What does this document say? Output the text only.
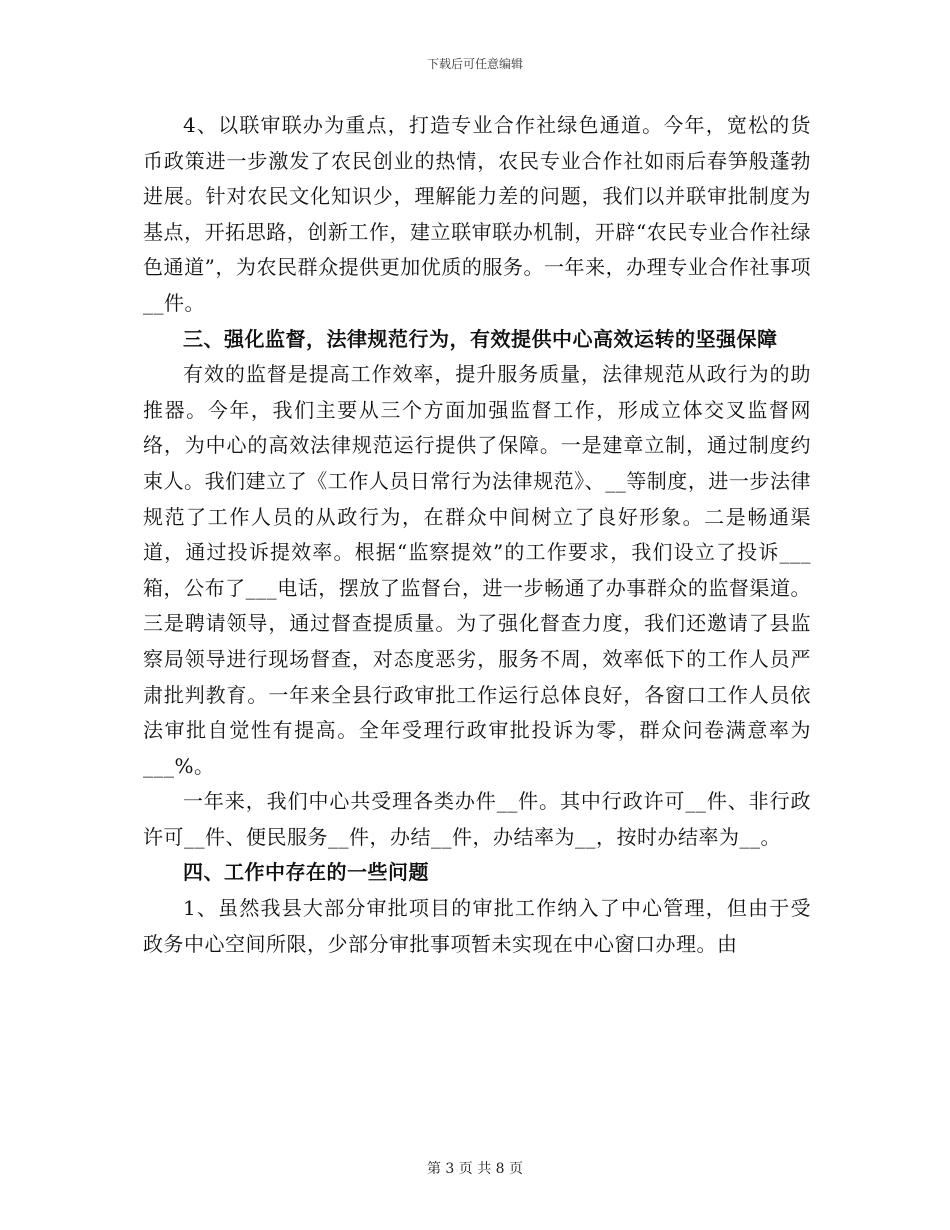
下载后可任意编辑

4、以联审联办为重点，打造专业合作社绿色通道。今年，宽松的货币政策进一步激发了农民创业的热情，农民专业合作社如雨后春笋般蓬勃进展。针对农民文化知识少，理解能力差的问题，我们以并联审批制度为基点，开拓思路，创新工作，建立联审联办机制，开辟“农民专业合作社绿色通道”，为农民群众提供更加优质的服务。一年来，办理专业合作社事项__件。

三、强化监督，法律规范行为，有效提供中心高效运转的坚强保障

有效的监督是提高工作效率，提升服务质量，法律规范从政行为的助推器。今年，我们主要从三个方面加强监督工作，形成立体交叉监督网络，为中心的高效法律规范运行提供了保障。一是建章立制，通过制度约束人。我们建立了《工作人员日常行为法律规范》、__等制度，进一步法律规范了工作人员的从政行为，在群众中间树立了良好形象。二是畅通渠道，通过投诉提效率。根据“监察提效”的工作要求，我们设立了投诉___箱，公布了___电话，摆放了监督台，进一步畅通了办事群众的监督渠道。三是聘请领导，通过督查提质量。为了强化督查力度，我们还邀请了县监察局领导进行现场督查，对态度恶劣，服务不周，效率低下的工作人员严肃批判教育。一年来全县行政审批工作运行总体良好，各窗口工作人员依法审批自觉性有提高。全年受理行政审批投诉为零，群众问卷满意率为___%。

一年来，我们中心共受理各类办件__件。其中行政许可__件、非行政许可__件、便民服务__件，办结__件，办结率为__，按时办结率为__。

四、工作中存在的一些问题

1、虽然我县大部分审批项目的审批工作纳入了中心管理，但由于受政务中心空间所限，少部分审批事项暂未实现在中心窗口办理。由

第 3 页 共 8 页
